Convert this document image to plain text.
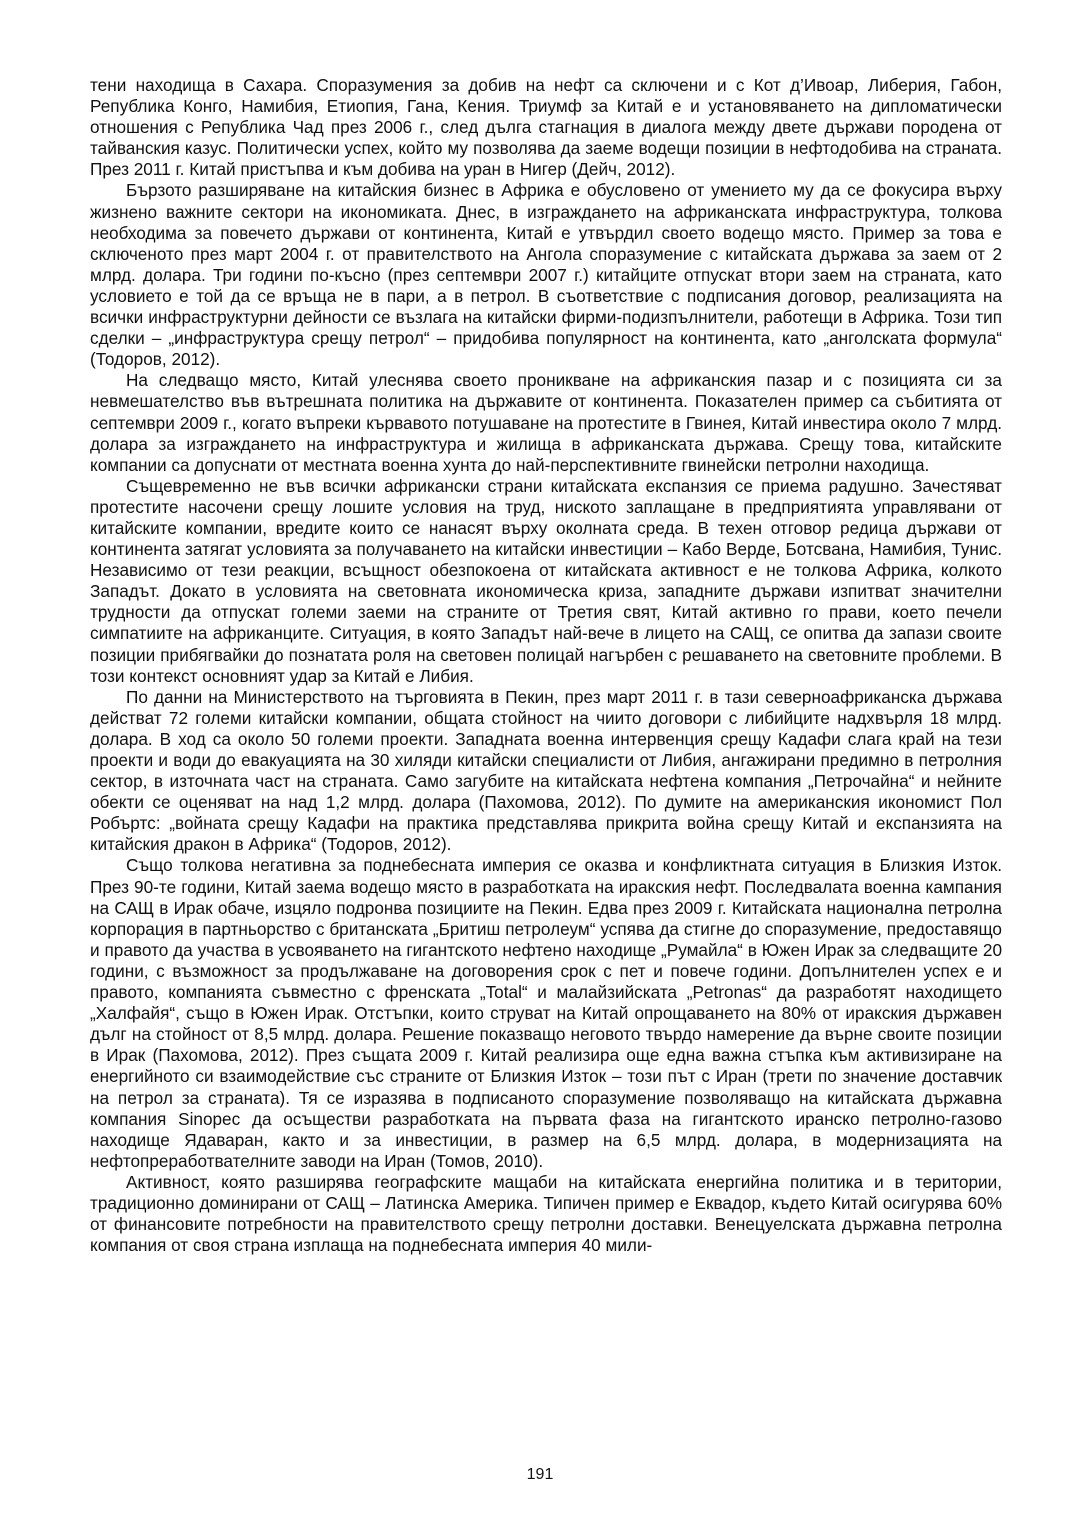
тени находища в Сахара. Споразумения за добив на нефт са сключени и с Кот д’Ивоар, Либерия, Габон, Република Конго, Намибия, Етиопия, Гана, Кения. Триумф за Китай е и установяването на дипломатически отношения с Република Чад през 2006 г., след дълга стагнация в диалога между двете държави породена от тайванския казус. Политически успех, който му позволява да заеме водещи позиции в нефтодобива на страната. През 2011 г. Китай пристъпва и към добива на уран в Нигер (Дейч, 2012).

Бързото разширяване на китайския бизнес в Африка е обусловено от умението му да се фокусира върху жизнено важните сектори на икономиката. Днес, в изграждането на африканската инфраструктура, толкова необходима за повечето държави от континента, Китай е утвърдил своето водещо място. Пример за това е сключеното през март 2004 г. от правителството на Ангола споразумение с китайската държава за заем от 2 млрд. долара. Три години по-късно (през септември 2007 г.) китайците отпускат втори заем на страната, като условието е той да се връща не в пари, а в петрол. В съответствие с подписания договор, реализацията на всички инфраструктурни дейности се възлага на китайски фирми-подизпълнители, работещи в Африка. Този тип сделки – „инфраструктура срещу петрол“ – придобива популярност на континента, като „анголската формула“ (Тодоров, 2012).

На следващо място, Китай улеснява своето проникване на африканския пазар и с позицията си за невмешателство във вътрешната политика на държавите от континента. Показателен пример са събитията от септември 2009 г., когато въпреки кървавото потушаване на протестите в Гвинея, Китай инвестира около 7 млрд. долара за изграждането на инфраструктура и жилища в африканската държава. Срещу това, китайските компании са допуснати от местната военна хунта до най-перспективните гвинейски петролни находища.

Същевременно не във всички африкански страни китайската експанзия се приема радушно. Зачестяват протестите насочени срещу лошите условия на труд, ниското заплащане в предприятията управлявани от китайските компании, вредите които се нанасят върху околната среда. В техен отговор редица държави от континента затягат условията за получаването на китайски инвестиции – Кабо Верде, Ботсвана, Намибия, Тунис. Независимо от тези реакции, всъщност обезпокоена от китайската активност е не толкова Африка, колкото Западът. Докато в условията на световната икономическа криза, западните държави изпитват значителни трудности да отпускат големи заеми на страните от Третия свят, Китай активно го прави, което печели симпатиите на африканците. Ситуация, в която Западът най-вече в лицето на САЩ, се опитва да запази своите позиции прибягвайки до познатата роля на световен полицай нагърбен с решаването на световните проблеми. В този контекст основният удар за Китай е Либия.

По данни на Министерството на търговията в Пекин, през март 2011 г. в тази северноафриканска държава действат 72 големи китайски компании, общата стойност на чиито договори с либийците надхвърля 18 млрд. долара. В ход са около 50 големи проекти. Западната военна интервенция срещу Кадафи слага край на тези проекти и води до евакуацията на 30 хиляди китайски специалисти от Либия, ангажирани предимно в петролния сектор, в източната част на страната. Само загубите на китайската нефтена компания „Петрочайна“ и нейните обекти се оценяват на над 1,2 млрд. долара (Пахомова, 2012). По думите на американския икономист Пол Робъртс: „войната срещу Кадафи на практика представлява прикрита война срещу Китай и експанзията на китайския дракон в Африка“ (Тодоров, 2012).

Също толкова негативна за поднебесната империя се оказва и конфликтната ситуация в Близкия Изток. През 90-те години, Китай заема водещо място в разработката на иракския нефт. Последвалата военна кампания на САЩ в Ирак обаче, изцяло подронва позициите на Пекин. Едва през 2009 г. Китайската национална петролна корпорация в партньорство с британската „Бритиш петролеум“ успява да стигне до споразумение, предоставящо и правото да участва в усвояването на гигантското нефтено находище „Румайла“ в Южен Ирак за следващите 20 години, с възможност за продължаване на договорения срок с пет и повече години. Допълнителен успех е и правото, компанията съвместно с френската „Total“ и малайзийската „Petronas“ да разработят находището „Халфайя“, също в Южен Ирак. Отстъпки, които струват на Китай опрощаването на 80% от иракския държавен дълг на стойност от 8,5 млрд. долара. Решение показващо неговото твърдо намерение да върне своите позиции в Ирак (Пахомова, 2012). През същата 2009 г. Китай реализира още една важна стъпка към активизиране на енергийното си взаимодействие със страните от Близкия Изток – този път с Иран (трети по значение доставчик на петрол за страната). Тя се изразява в подписаното споразумение позволяващо на китайската държавна компания Sinopec да осъществи разработката на първата фаза на гигантското иранско петролно-газово находище Ядаваран, както и за инвестиции, в размер на 6,5 млрд. долара, в модернизацията на нефтопреработвателните заводи на Иран (Томов, 2010).

Активност, която разширява географските мащаби на китайската енергийна политика и в територии, традиционно доминирани от САЩ – Латинска Америка. Типичен пример е Еквадор, където Китай осигурява 60% от финансовите потребности на правителството срещу петролни доставки. Венецуелската държавна петролна компания от своя страна изплаща на поднебесната империя 40 мили-

191
